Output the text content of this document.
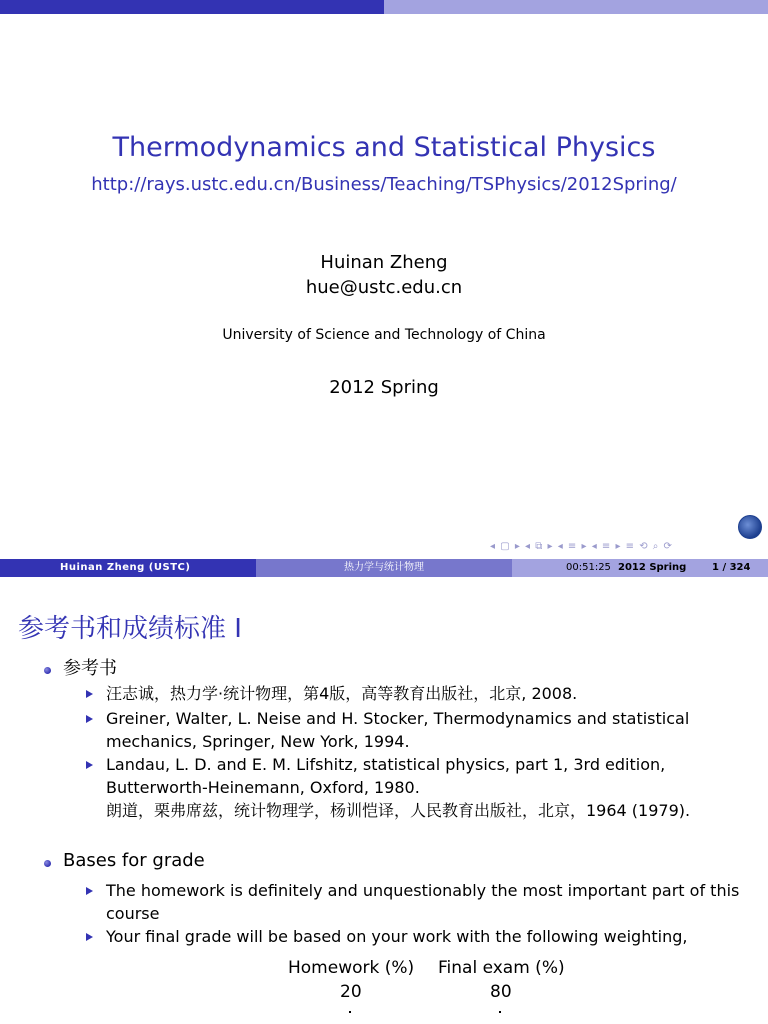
Thermodynamics and Statistical Physics
http://rays.ustc.edu.cn/Business/Teaching/TSPhysics/2012Spring/
Huinan Zheng
hue@ustc.edu.cn
University of Science and Technology of China
2012 Spring
◂ ▢ ▸ ◂ ⧉ ▸ ◂ ≡ ▸ ◂ ≡ ▸ ≡ ⟲ ⌕ ⟳
Huinan Zheng (USTC)	热力学与统计物理	00:51:25 2012 Spring	1 / 324
参考书和成绩标准 I
参考书
汪志诚，热力学·统计物理，第4版，高等教育出版社，北京, 2008.
Greiner, Walter, L. Neise and H. Stocker, Thermodynamics and statistical mechanics, Springer, New York, 1994.
Landau, L. D. and E. M. Lifshitz, statistical physics, part 1, 3rd edition, Butterworth-Heinemann, Oxford, 1980.
朗道，栗弗席兹，统计物理学，杨训恺译，人民教育出版社，北京，1964 (1979).
Bases for grade
The homework is definitely and unquestionably the most important part of this course
Your final grade will be based on your work with the following weighting,
Homework (%) Final exam (%)
20	80
